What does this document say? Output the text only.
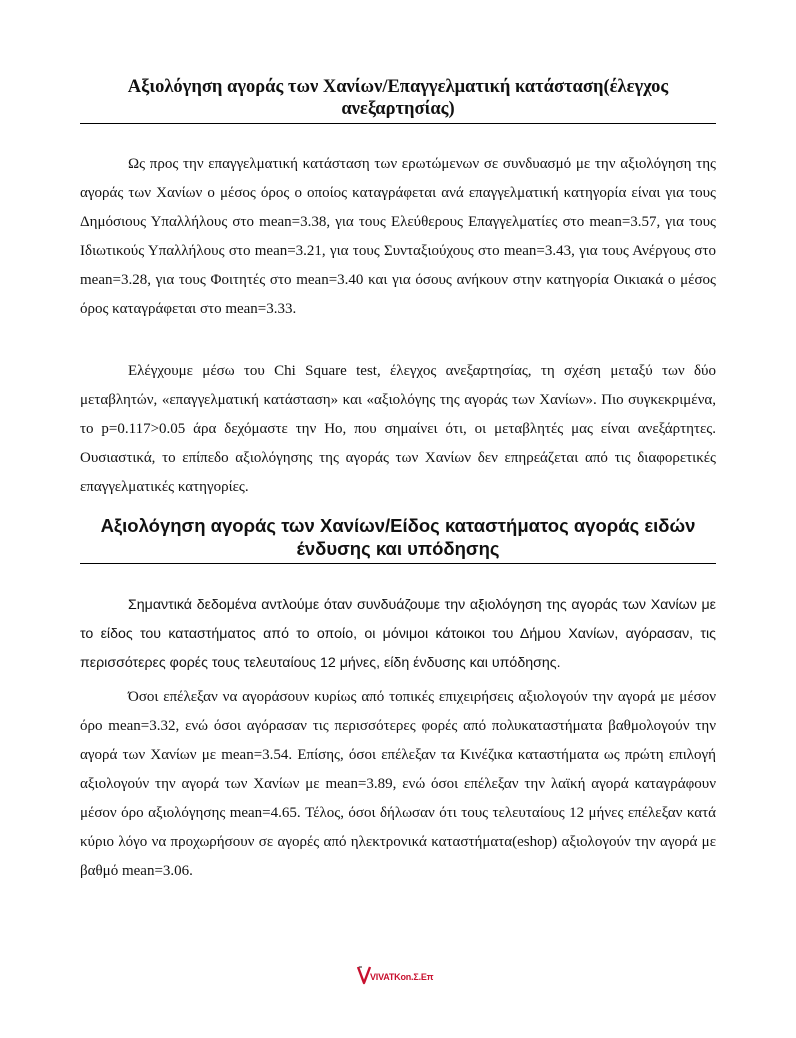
Αξιολόγηση αγοράς των Χανίων/Επαγγελματική κατάσταση(έλεγχος ανεξαρτησίας)

Ως προς την επαγγελματική κατάσταση των ερωτώμενων σε συνδυασμό με την αξιολόγηση της αγοράς των Χανίων ο μέσος όρος ο οποίος καταγράφεται ανά επαγγελματική κατηγορία είναι για τους Δημόσιους Υπαλλήλους στο mean=3.38, για τους Ελεύθερους Επαγγελματίες στο mean=3.57, για τους Ιδιωτικούς Υπαλλήλους στο mean=3.21, για τους Συνταξιούχους στο mean=3.43, για τους Ανέργους στο mean=3.28, για τους Φοιτητές στο mean=3.40 και για όσους ανήκουν στην κατηγορία Οικιακά ο μέσος όρος καταγράφεται στο mean=3.33.

Ελέγχουμε μέσω του Chi Square test, έλεγχος ανεξαρτησίας, τη σχέση μεταξύ των δύο μεταβλητών, «επαγγελματική κατάσταση» και «αξιολόγης της αγοράς των Χανίων». Πιο συγκεκριμένα, το p=0.117>0.05 άρα δεχόμαστε την Ho, που σημαίνει ότι, οι μεταβλητές μας είναι ανεξάρτητες. Ουσιαστικά, το επίπεδο αξιολόγησης της αγοράς των Χανίων δεν επηρεάζεται από τις διαφορετικές επαγγελματικές κατηγορίες.

Αξιολόγηση αγοράς των Χανίων/Είδος καταστήματος αγοράς ειδών ένδυσης και υπόδησης

Σημαντικά δεδομένα αντλούμε όταν συνδυάζουμε την αξιολόγηση της αγοράς των Χανίων με το είδος του καταστήματος από το οποίο, οι μόνιμοι κάτοικοι του Δήμου Χανίων, αγόρασαν, τις περισσότερες φορές τους τελευταίους 12 μήνες, είδη ένδυσης και υπόδησης.

Όσοι επέλεξαν να αγοράσουν κυρίως από τοπικές επιχειρήσεις αξιολογούν την αγορά με μέσον όρο mean=3.32, ενώ όσοι αγόρασαν τις περισσότερες φορές από πολυκαταστήματα βαθμολογούν την αγορά των Χανίων με mean=3.54. Επίσης, όσοι επέλεξαν τα Κινέζικα καταστήματα ως πρώτη επιλογή αξιολογούν την αγορά των Χανίων με mean=3.89, ενώ όσοι επέλεξαν την λαϊκή αγορά καταγράφουν μέσον όρο αξιολόγησης mean=4.65. Τέλος, όσοι δήλωσαν ότι τους τελευταίους 12 μήνες επέλεξαν κατά κύριο λόγο να προχωρήσουν σε αγορές από ηλεκτρονικά καταστήματα(eshop) αξιολογούν την αγορά με βαθμό mean=3.06.

VIVATKon.Σ.Επ
